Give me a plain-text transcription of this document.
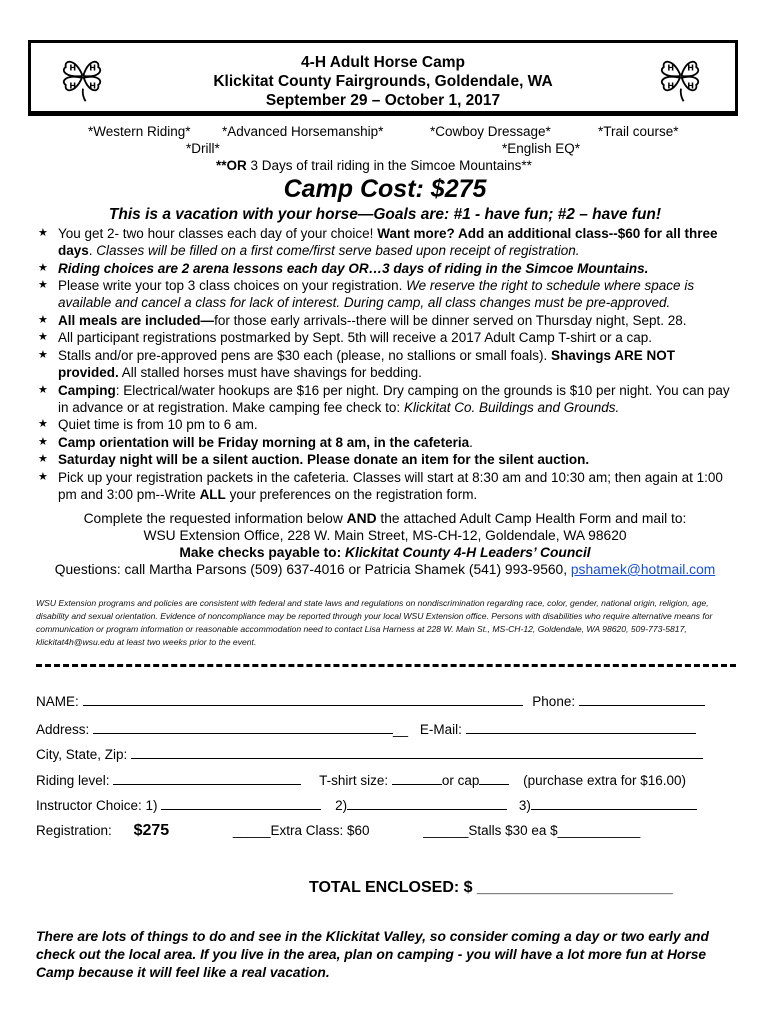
H H
H H
4-H Adult Horse Camp
Klickitat County Fairgrounds, Goldendale, WA
September 29 – October 1, 2017
H H
H H
*Western Riding* *Advanced Horsemanship*	*Cowboy Dressage*	*Trail course*
*Drill*	*English EQ*
**OR 3 Days of trail riding in the Simcoe Mountains**
Camp Cost: $275
This is a vacation with your horse—Goals are: #1 - have fun; #2 – have fun!
★ You get 2- two hour classes each day of your choice! Want more? Add an additional class--$60 for all three days. Classes will be filled on a first come/first serve based upon receipt of registration.
★ Riding choices are 2 arena lessons each day OR…3 days of riding in the Simcoe Mountains.
★ Please write your top 3 class choices on your registration. We reserve the right to schedule where space is available and cancel a class for lack of interest. During camp, all class changes must be pre-approved.
★ All meals are included—for those early arrivals--there will be dinner served on Thursday night, Sept. 28.
★ All participant registrations postmarked by Sept. 5th will receive a 2017 Adult Camp T-shirt or a cap.
★ Stalls and/or pre-approved pens are $30 each (please, no stallions or small foals). Shavings ARE NOT provided. All stalled horses must have shavings for bedding.
★ Camping: Electrical/water hookups are $16 per night. Dry camping on the grounds is $10 per night. You can pay in advance or at registration. Make camping fee check to: Klickitat Co. Buildings and Grounds.
★ Quiet time is from 10 pm to 6 am.
★ Camp orientation will be Friday morning at 8 am, in the cafeteria.
★ Saturday night will be a silent auction. Please donate an item for the silent auction.
★ Pick up your registration packets in the cafeteria. Classes will start at 8:30 am and 10:30 am; then again at 1:00 pm and 3:00 pm--Write ALL your preferences on the registration form.
Complete the requested information below AND the attached Adult Camp Health Form and mail to:
WSU Extension Office, 228 W. Main Street, MS-CH-12, Goldendale, WA 98620
Make checks payable to: Klickitat County 4-H Leaders’ Council
Questions: call Martha Parsons (509) 637-4016 or Patricia Shamek (541) 993-9560, pshamek@hotmail.com
WSU Extension programs and policies are consistent with federal and state laws and regulations on nondiscrimination regarding race, color, gender, national origin, religion, age, disability and sexual orientation. Evidence of noncompliance may be reported through your local WSU Extension office. Persons with disabilities who require alternative means for communication or program information or reasonable accommodation need to contact Lisa Harness at 228 W. Main St., MS-CH-12, Goldendale, WA 98620, 509-773-5817, klickitat4h@wsu.edu at least two weeks prior to the event.
NAME:	Phone:
Address:	__ E-Mail:
City, State, Zip:
Riding level:	T-shirt size:	or cap	(purchase extra for $16.00)
Instructor Choice: 1)	2)	3)
Registration: $275	_____Extra Class: $60	______Stalls $30 ea $___________
TOTAL ENCLOSED: $ ______________________
There are lots of things to do and see in the Klickitat Valley, so consider coming a day or two early and check out the local area. If you live in the area, plan on camping - you will have a lot more fun at Horse Camp because it will feel like a real vacation.
